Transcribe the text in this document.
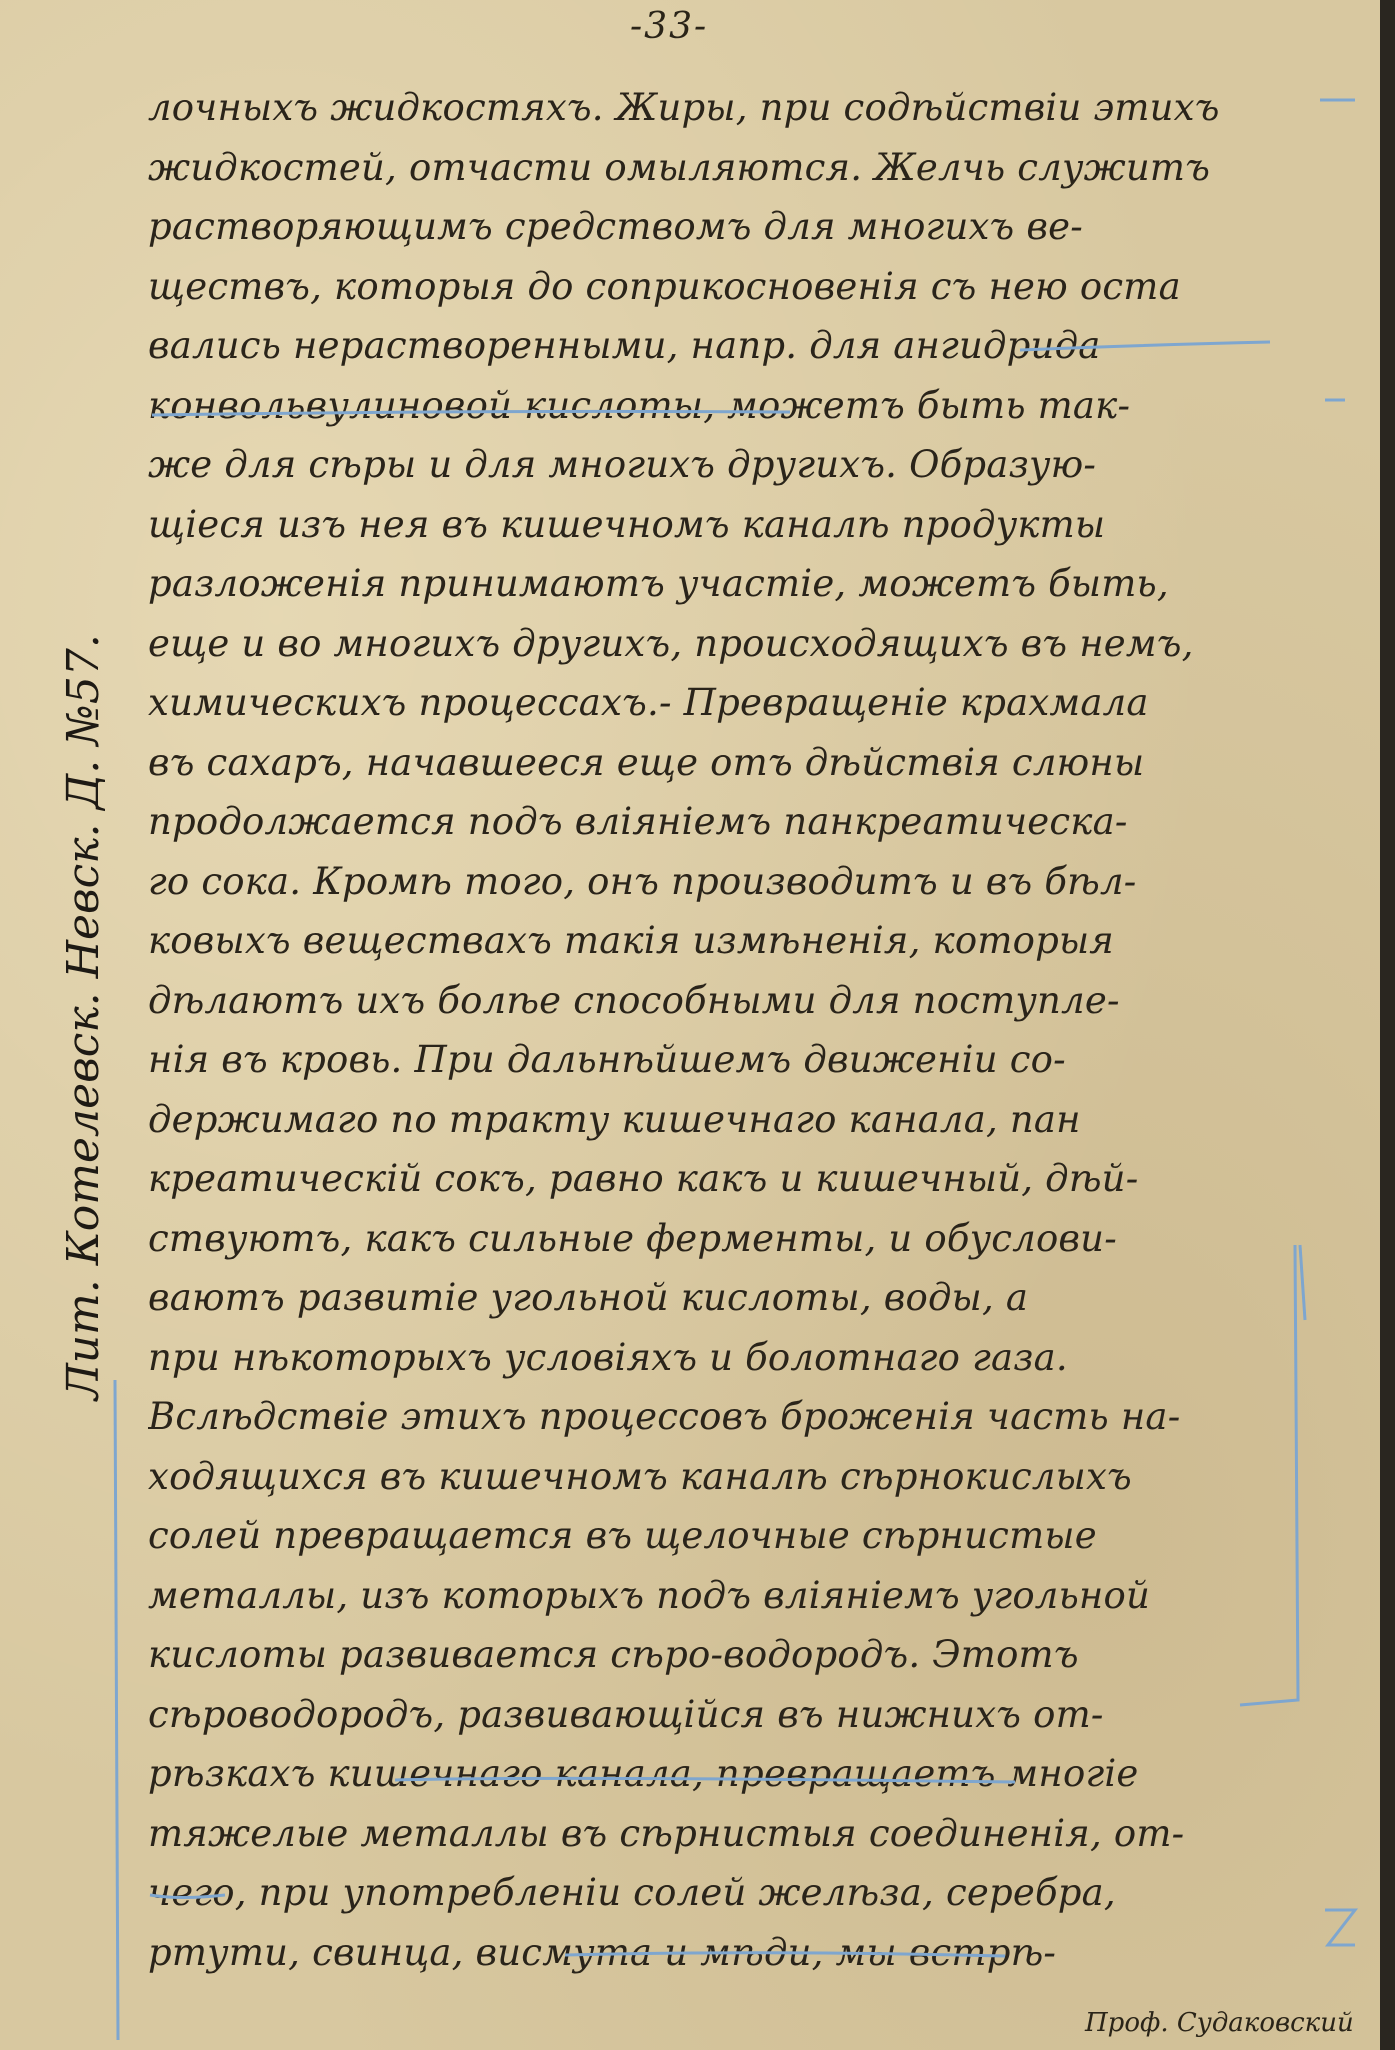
-33-
лочныхъ жидкостяхъ. Жиры, при содѣйствіи этихъ
жидкостей, отчасти омыляются. Желчь служитъ
растворяющимъ средствомъ для многихъ ве-
ществъ, которыя до соприкосновенія съ нею оста
вались нерастворенными, напр. для ангидрида
конвольвулиновой кислоты, можетъ быть так-
же для сѣры и для многихъ другихъ. Образую-
щіеся изъ нея въ кишечномъ каналѣ продукты
разложенія принимаютъ участіе, можетъ быть,
еще и во многихъ другихъ, происходящихъ въ немъ,
химическихъ процессахъ.- Превращеніе крахмала
въ сахаръ, начавшееся еще отъ дѣйствія слюны
продолжается подъ вліяніемъ панкреатическа-
го сока. Кромѣ того, онъ производитъ и въ бѣл-
ковыхъ веществахъ такія измѣненія, которыя
дѣлаютъ ихъ болѣе способными для поступле-
нія въ кровь. При дальнѣйшемъ движеніи со-
держимаго по тракту кишечнаго канала, пан
креатическій сокъ, равно какъ и кишечный, дѣй-
ствуютъ, какъ сильные ферменты, и обуслови-
ваютъ развитіе угольной кислоты, воды, а
при нѣкоторыхъ условіяхъ и болотнаго газа.
Вслѣдствіе этихъ процессовъ броженія часть на-
ходящихся въ кишечномъ каналѣ сѣрнокислыхъ
солей превращается въ щелочные сѣрнистые
металлы, изъ которыхъ подъ вліяніемъ угольной
кислоты развивается сѣро-водородъ. Этотъ
сѣроводородъ, развивающійся въ нижнихъ от-
рѣзкахъ кишечнаго канала, превращаетъ многіе
тяжелые металлы въ сѣрнистыя соединенія, от-
чего, при употребленіи солей желѣза, серебра,
ртути, свинца, висмута и мѣди, мы встрѣ-
Лит. Котелевск. Невск. Д. №57.
Проф. Судаковский
